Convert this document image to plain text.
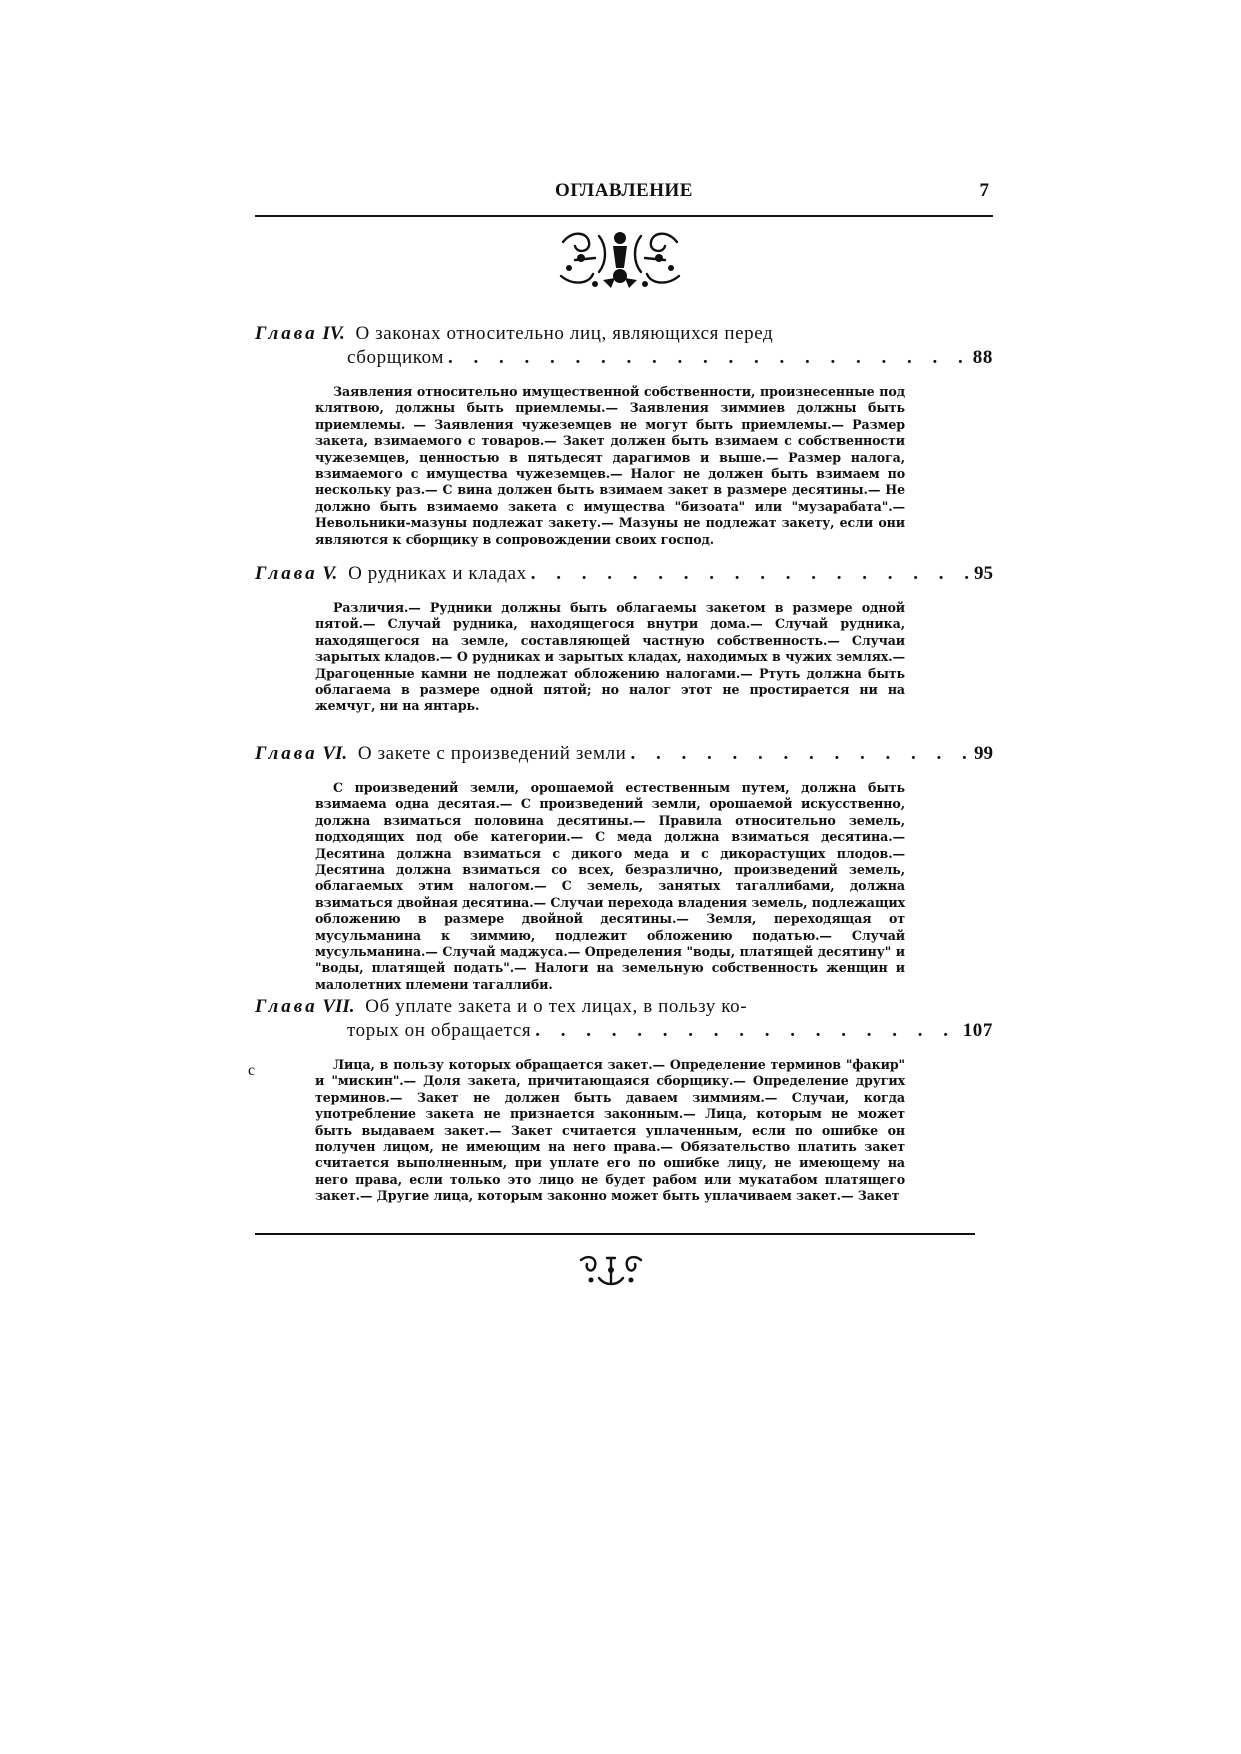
ОГЛАВЛЕНИЕ	7
Глава IV. О законах относительно лиц, являющихся перед
сборщиком . . .	88
Заявления относительно имущественной собственности, произнесенные под клятвою, должны быть приемлемы.— Заявления зиммиев должны быть приемлемы. — Заявления чужеземцев не могут быть приемлемы.— Размер закета, взимаемого с товаров.— Закет должен быть взимаем с собственности чужеземцев, ценностью в пятьдесят дарагимов и выше.— Размер налога, взимаемого с имущества чужеземцев.— Налог не должен быть взимаем по нескольку раз.— С вина должен быть взимаем закет в размере десятины.— Не должно быть взимаемо закета с имущества "бизоата" или "музарабата".— Невольники-мазуны подлежат закету.— Мазуны не подлежат закету, если они являются к сборщику в сопровождении своих господ.
Глава V. О рудниках и кладах . . .	95
Различия.— Рудники должны быть облагаемы закетом в размере одной пятой.— Случай рудника, находящегося внутри дома.— Случай рудника, находящегося на земле, составляющей частную собственность.— Случаи зарытых кладов.— О рудниках и зарытых кладах, находимых в чужих землях.— Драгоценные камни не подлежат обложению налогами.— Ртуть должна быть облагаема в размере одной пятой; но налог этот не простирается ни на жемчуг, ни на янтарь.
Глава VI. О закете с произведений земли . . .	99
С произведений земли, орошаемой естественным путем, должна быть взимаема одна десятая.— С произведений земли, орошаемой искусственно, должна взиматься половина десятины.— Правила относительно земель, подходящих под обе категории.— С меда должна взиматься десятина.— Десятина должна взиматься с дикого меда и с дикорастущих плодов.— Десятина должна взиматься со всех, безразлично, произведений земель, облагаемых этим налогом.— С земель, занятых тагаллибами, должна взиматься двойная десятина.— Случаи перехода владения земель, подлежащих обложению в размере двойной десятины.— Земля, переходящая от мусульманина к зиммию, подлежит обложению податью.— Случай мусульманина.— Случай маджуса.— Определения "воды, платящей десятину" и "воды, платящей подать".— Налоги на земельную собственность женщин и малолетних племени тагаллиби.
Глава VII. Об уплате закета и о тех лицах, в пользу ко-
торых он обращается . . .	107
Лица, в пользу которых обращается закет.— Определение терминов "факир" и "мискин".— Доля закета, причитающаяся сборщику.— Определение других терминов.— Закет не должен быть даваем зиммиям.— Случаи, когда употребление закета не признается законным.— Лица, которым не может быть выдаваем закет.— Закет считается уплаченным, если по ошибке он получен лицом, не имеющим на него права.— Обязательство платить закет считается выполненным, при уплате его по ошибке лицу, не имеющему на него права, если только это лицо не будет рабом или мукатабом платящего закет.— Другие лица, которым законно может быть уплачиваем закет.— Закет
c
